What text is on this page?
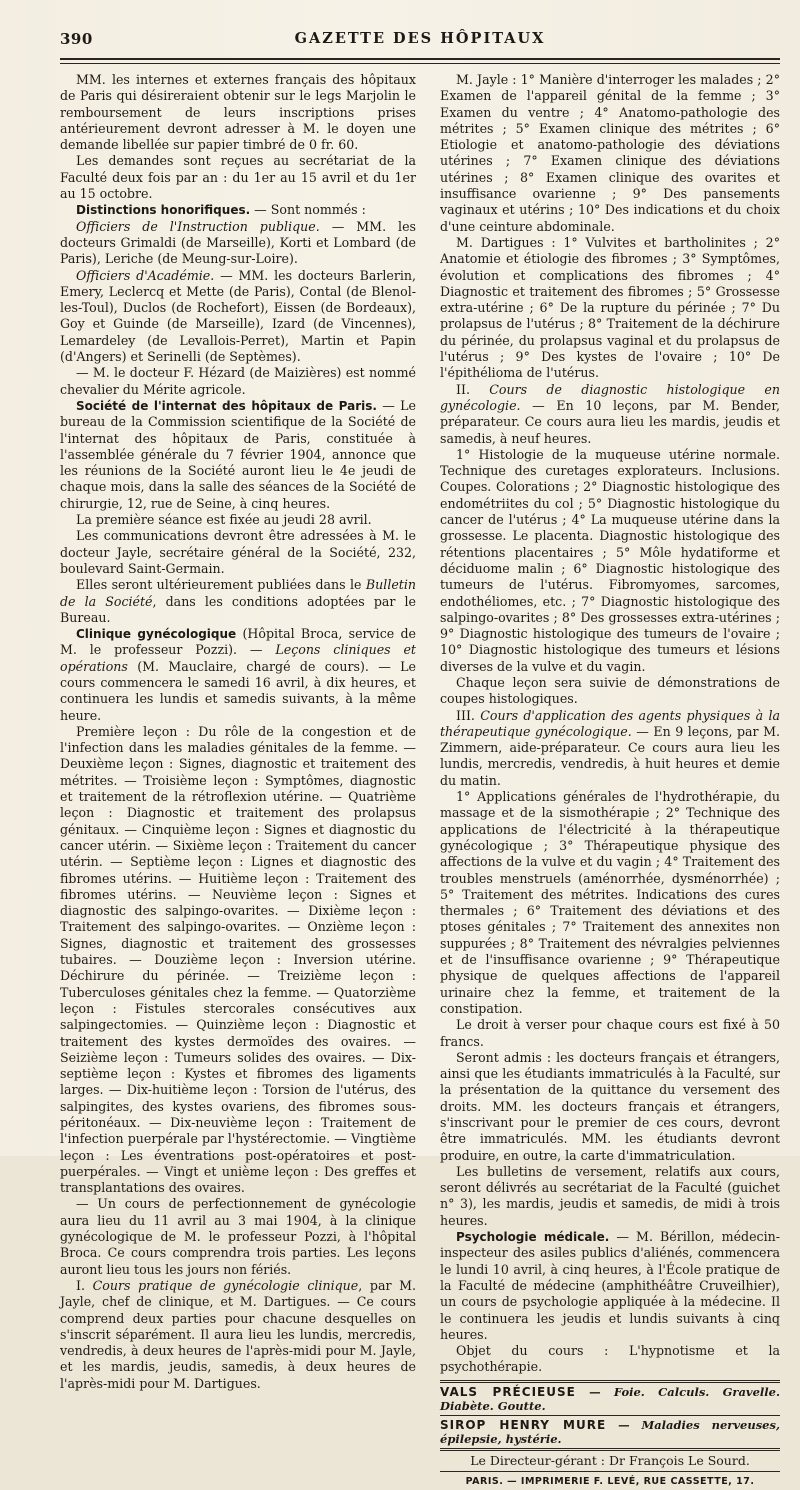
390	GAZETTE DES HÔPITAUX

MM. les internes et externes français des hôpitaux de Paris qui désireraient obtenir sur le legs Marjolin le remboursement de leurs inscriptions prises antérieurement devront adresser à M. le doyen une demande libellée sur papier timbré de 0 fr. 60.

Les demandes sont reçues au secrétariat de la Faculté deux fois par an : du 1er au 15 avril et du 1er au 15 octobre.

Distinctions honorifiques. — Sont nommés :

Officiers de l'Instruction publique. — MM. les docteurs Grimaldi (de Marseille), Korti et Lombard (de Paris), Leriche (de Meung-sur-Loire).

Officiers d'Académie. — MM. les docteurs Barlerin, Emery, Leclercq et Mette (de Paris), Contal (de Blenol-les-Toul), Duclos (de Rochefort), Eissen (de Bordeaux), Goy et Guinde (de Marseille), Izard (de Vincennes), Lemardeley (de Levallois-Perret), Martin et Papin (d'Angers) et Serinelli (de Septèmes).

— M. le docteur F. Hézard (de Maizières) est nommé chevalier du Mérite agricole.

Société de l'internat des hôpitaux de Paris. — Le bureau de la Commission scientifique de la Société de l'internat des hôpitaux de Paris, constituée à l'assemblée générale du 7 février 1904, annonce que les réunions de la Société auront lieu le 4e jeudi de chaque mois, dans la salle des séances de la Société de chirurgie, 12, rue de Seine, à cinq heures.

La première séance est fixée au jeudi 28 avril.

Les communications devront être adressées à M. le docteur Jayle, secrétaire général de la Société, 232, boulevard Saint-Germain.

Elles seront ultérieurement publiées dans le Bulletin de la Société, dans les conditions adoptées par le Bureau.

Clinique gynécologique (Hôpital Broca, service de M. le professeur Pozzi). — Leçons cliniques et opérations (M. Mauclaire, chargé de cours). — Le cours commencera le samedi 16 avril, à dix heures, et continuera les lundis et samedis suivants, à la même heure.

Première leçon : Du rôle de la congestion et de l'infection dans les maladies génitales de la femme. — Deuxième leçon : Signes, diagnostic et traitement des métrites. — Troisième leçon : Symptômes, diagnostic et traitement de la rétroflexion utérine. — Quatrième leçon : Diagnostic et traitement des prolapsus génitaux. — Cinquième leçon : Signes et diagnostic du cancer utérin. — Sixième leçon : Traitement du cancer utérin. — Septième leçon : Lignes et diagnostic des fibromes utérins. — Huitième leçon : Traitement des fibromes utérins. — Neuvième leçon : Signes et diagnostic des salpingo-ovarites. — Dixième leçon : Traitement des salpingo-ovarites. — Onzième leçon : Signes, diagnostic et traitement des grossesses tubaires. — Douzième leçon : Inversion utérine. Déchirure du périnée. — Treizième leçon : Tuberculoses génitales chez la femme. — Quatorzième leçon : Fistules stercorales consécutives aux salpingectomies. — Quinzième leçon : Diagnostic et traitement des kystes dermoïdes des ovaires. — Seizième leçon : Tumeurs solides des ovaires. — Dix-septième leçon : Kystes et fibromes des ligaments larges. — Dix-huitième leçon : Torsion de l'utérus, des salpingites, des kystes ovariens, des fibromes sous-péritonéaux. — Dix-neuvième leçon : Traitement de l'infection puerpérale par l'hystérectomie. — Vingtième leçon : Les éventrations post-opératoires et post-puerpérales. — Vingt et unième leçon : Des greffes et transplantations des ovaires.

— Un cours de perfectionnement de gynécologie aura lieu du 11 avril au 3 mai 1904, à la clinique gynécologique de M. le professeur Pozzi, à l'hôpital Broca. Ce cours comprendra trois parties. Les leçons auront lieu tous les jours non fériés.

I. Cours pratique de gynécologie clinique, par M. Jayle, chef de clinique, et M. Dartigues. — Ce cours comprend deux parties pour chacune desquelles on s'inscrit séparément. Il aura lieu les lundis, mercredis, vendredis, à deux heures de l'après-midi pour M. Jayle, et les mardis, jeudis, samedis, à deux heures de l'après-midi pour M. Dartigues.

M. Jayle : 1° Manière d'interroger les malades ; 2° Examen de l'appareil génital de la femme ; 3° Examen du ventre ; 4° Anatomo-pathologie des métrites ; 5° Examen clinique des métrites ; 6° Etiologie et anatomo-pathologie des déviations utérines ; 7° Examen clinique des déviations utérines ; 8° Examen clinique des ovarites et insuffisance ovarienne ; 9° Des pansements vaginaux et utérins ; 10° Des indications et du choix d'une ceinture abdominale.

M. Dartigues : 1° Vulvites et bartholinites ; 2° Anatomie et étiologie des fibromes ; 3° Symptômes, évolution et complications des fibromes ; 4° Diagnostic et traitement des fibromes ; 5° Grossesse extra-utérine ; 6° De la rupture du périnée ; 7° Du prolapsus de l'utérus ; 8° Traitement de la déchirure du périnée, du prolapsus vaginal et du prolapsus de l'utérus ; 9° Des kystes de l'ovaire ; 10° De l'épithélioma de l'utérus.

II. Cours de diagnostic histologique en gynécologie. — En 10 leçons, par M. Bender, préparateur. Ce cours aura lieu les mardis, jeudis et samedis, à neuf heures.

1° Histologie de la muqueuse utérine normale. Technique des curetages explorateurs. Inclusions. Coupes. Colorations ; 2° Diagnostic histologique des endométriites du col ; 5° Diagnostic histologique du cancer de l'utérus ; 4° La muqueuse utérine dans la grossesse. Le placenta. Diagnostic histologique des rétentions placentaires ; 5° Môle hydatiforme et déciduome malin ; 6° Diagnostic histologique des tumeurs de l'utérus. Fibromyomes, sarcomes, endothéliomes, etc. ; 7° Diagnostic histologique des salpingo-ovarites ; 8° Des grossesses extra-utérines ; 9° Diagnostic histologique des tumeurs de l'ovaire ; 10° Diagnostic histologique des tumeurs et lésions diverses de la vulve et du vagin.

Chaque leçon sera suivie de démonstrations de coupes histologiques.

III. Cours d'application des agents physiques à la thérapeutique gynécologique. — En 9 leçons, par M. Zimmern, aide-préparateur. Ce cours aura lieu les lundis, mercredis, vendredis, à huit heures et demie du matin.

1° Applications générales de l'hydrothérapie, du massage et de la sismothérapie ; 2° Technique des applications de l'électricité à la thérapeutique gynécologique ; 3° Thérapeutique physique des affections de la vulve et du vagin ; 4° Traitement des troubles menstruels (aménorrhée, dysménorrhée) ; 5° Traitement des métrites. Indications des cures thermales ; 6° Traitement des déviations et des ptoses génitales ; 7° Traitement des annexites non suppurées ; 8° Traitement des névralgies pelviennes et de l'insuffisance ovarienne ; 9° Thérapeutique physique de quelques affections de l'appareil urinaire chez la femme, et traitement de la constipation.

Le droit à verser pour chaque cours est fixé à 50 francs.

Seront admis : les docteurs français et étrangers, ainsi que les étudiants immatriculés à la Faculté, sur la présentation de la quittance du versement des droits. MM. les docteurs français et étrangers, s'inscrivant pour le premier de ces cours, devront être immatriculés. MM. les étudiants devront produire, en outre, la carte d'immatriculation.

Les bulletins de versement, relatifs aux cours, seront délivrés au secrétariat de la Faculté (guichet n° 3), les mardis, jeudis et samedis, de midi à trois heures.

Psychologie médicale. — M. Bérillon, médecin-inspecteur des asiles publics d'aliénés, commencera le lundi 10 avril, à cinq heures, à l'École pratique de la Faculté de médecine (amphithéâtre Cruveilhier), un cours de psychologie appliquée à la médecine. Il le continuera les jeudis et lundis suivants à cinq heures.

Objet du cours : L'hypnotisme et la psychothérapie.

VALS PRÉCIEUSE — Foie. Calculs. Gravelle. Diabète. Goutte.

SIROP HENRY MURE — Maladies nerveuses, épilepsie, hystérie.

Le Directeur-gérant : Dr François Le Sourd.

PARIS. — IMPRIMERIE F. LEVÉ, RUE CASSETTE, 17.
